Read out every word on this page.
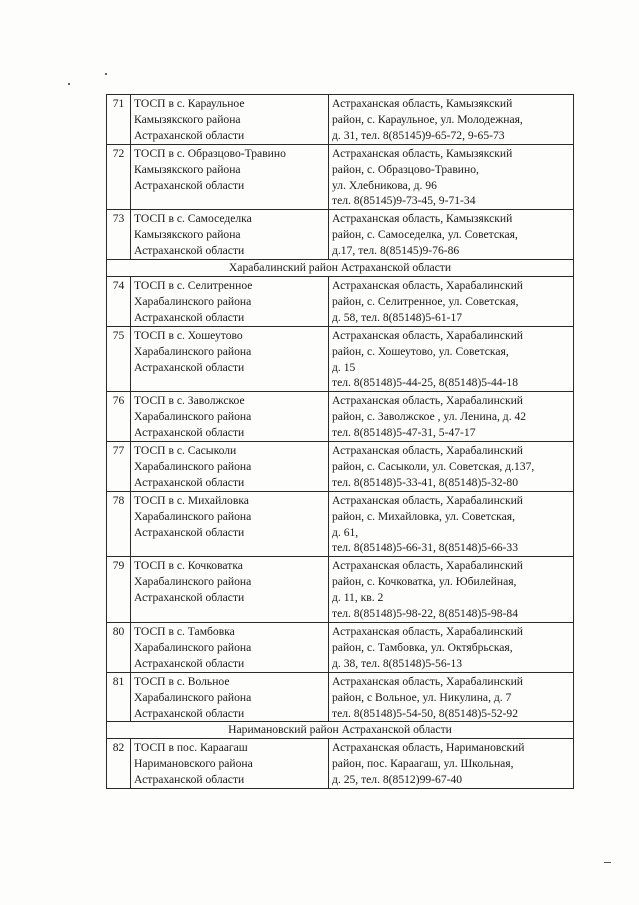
71	ТОСП в с. Караульное
Камызякского района
Астраханской области	Астраханская область, Камызякский
район, с. Караульное, ул. Молодежная,
д. 31, тел. 8(85145)9-65-72, 9-65-73

72	ТОСП в с. Образцово-Травино
Камызякского района
Астраханской области	Астраханская область, Камызякский
район, с. Образцово-Травино,
ул. Хлебникова, д. 96
тел. 8(85145)9-73-45, 9-71-34

73	ТОСП в с. Самоседелка
Камызякского района
Астраханской области	Астраханская область, Камызякский
район, с. Самоседелка, ул. Советская,
д.17, тел. 8(85145)9-76-86

Харабалинский район Астраханской области		
74	ТОСП в с. Селитренное
Харабалинского района
Астраханской области	Астраханская область, Харабалинский
район, с. Селитренное, ул. Советская,
д. 58, тел. 8(85148)5-61-17

75	ТОСП в с. Хошеутово
Харабалинского района
Астраханской области	Астраханская область, Харабалинский
район, с. Хошеутово, ул. Советская,
д. 15
тел. 8(85148)5-44-25, 8(85148)5-44-18

76	ТОСП в с. Заволжское
Харабалинского района
Астраханской области	Астраханская область, Харабалинский
район, с. Заволжское , ул. Ленина, д. 42
тел. 8(85148)5-47-31, 5-47-17

77	ТОСП в с. Сасыколи
Харабалинского района
Астраханской области	Астраханская область, Харабалинский
район, с. Сасыколи, ул. Советская, д.137,
тел. 8(85148)5-33-41, 8(85148)5-32-80

78	ТОСП в с. Михайловка
Харабалинского района
Астраханской области	Астраханская область, Харабалинский
район, с. Михайловка, ул. Советская,
д. 61,
тел. 8(85148)5-66-31, 8(85148)5-66-33

79	ТОСП в с. Кочковатка
Харабалинского района
Астраханской области	Астраханская область, Харабалинский
район, с. Кочковатка, ул. Юбилейная,
д. 11, кв. 2
тел. 8(85148)5-98-22, 8(85148)5-98-84

80	ТОСП в с. Тамбовка
Харабалинского района
Астраханской области	Астраханская область, Харабалинский
район, с. Тамбовка, ул. Октябрьская,
д. 38, тел. 8(85148)5-56-13

81	ТОСП в с. Вольное
Харабалинского района
Астраханской области	Астраханская область, Харабалинский
район, с Вольное, ул. Никулина, д. 7
тел. 8(85148)5-54-50, 8(85148)5-52-92

Наримановский район Астраханской области		
82	ТОСП в пос. Караагаш
Наримановского района
Астраханской области	Астраханская область, Наримановский
район, пос. Караагаш, ул. Школьная,
д. 25, тел. 8(8512)99-67-40
